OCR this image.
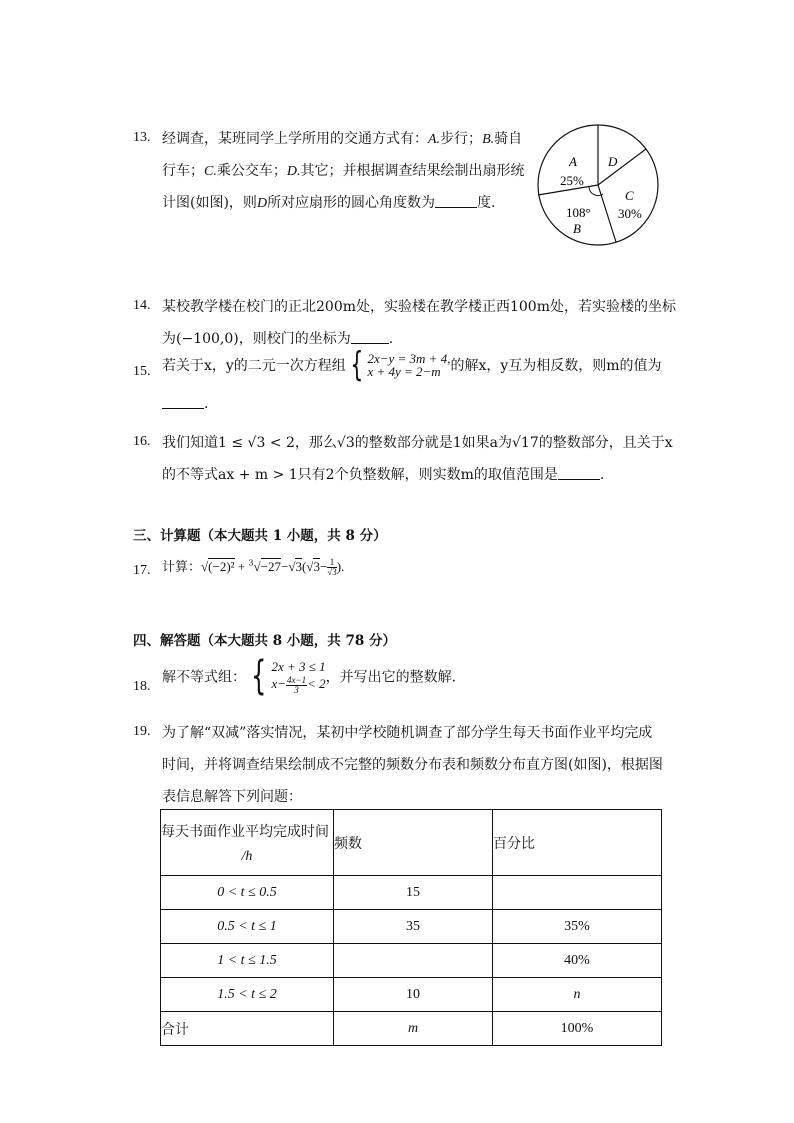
13. 经调查，某班同学上学所用的交通方式有：A.步行；B.骑自
行车；C.乘公交车；D.其它；并根据调查结果绘制出扇形统
计图(如图)，则D所对应扇形的圆心角度数为	度.
A
25%
D
C
30%
108°
B
14. 某校教学楼在校门的正北200m处，实验楼在教学楼正西100m处，若实验楼的坐标
为(−100,0)，则校门的坐标为	.
15. 若关于x，y的二元一次方程组 { 2x−y = 3m + 4,
x + 4y = 2−m 的解x，y互为相反数，则m的值为
.
16. 我们知道1 ≤ √3 < 2，那么√3的整数部分就是1如果a为√17的整数部分，且关于x
的不等式ax + m > 1只有2个负整数解，则实数m的取值范围是	.
三、计算题（本大题共 1 小题，共 8 分）
17. 计算：$√(-2)^2 + ^3√-27-√3(√3- \frac{1}{√3}$ ).
四、解答题（本大题共 8 小题，共 78 分）
18.
解不等式组： { 2x + 3 ≤ 1
$x- \frac{4x-1}{3} < 2$ ，并写出它的整数解.
19. 为了解“双减”落实情况，某初中学校随机调查了部分学生每天书面作业平均完成
时间，并将调查结果绘制成不完整的频数分布表和频数分布直方图(如图)，根据图
表信息解答下列问题：
每天书面作业平均完成时间
/h	频数	百分比
0 < t ≤ 0.5	15	
0.5 < t ≤ 1	35	35%
1 < t ≤ 1.5		40%
1.5 < t ≤ 2	10	n
合计	m	100%
